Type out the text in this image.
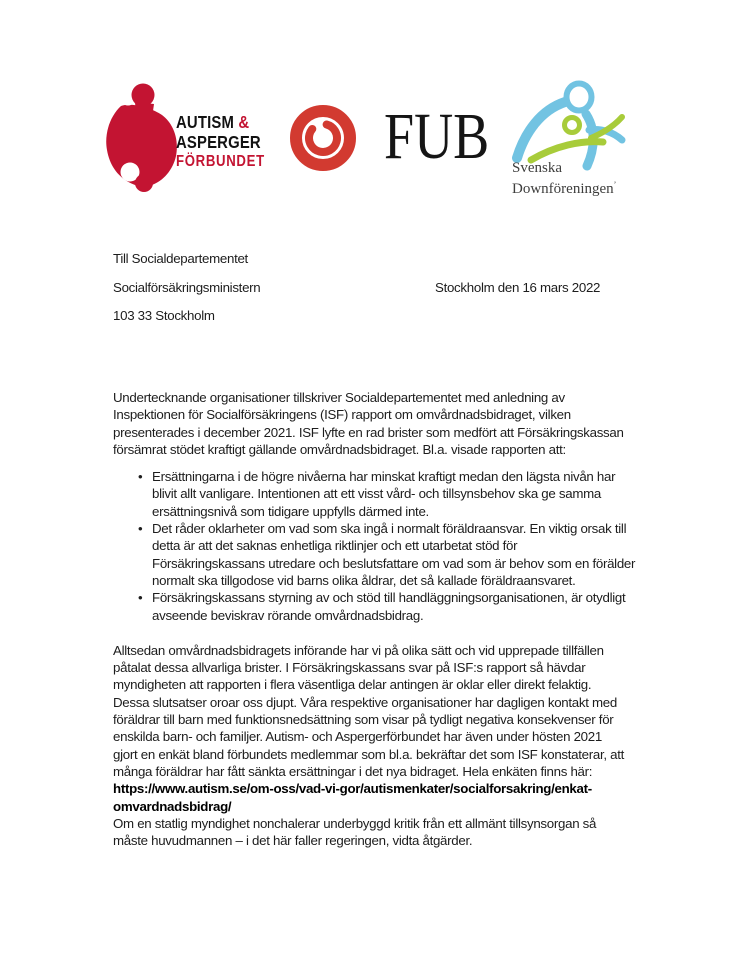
AUTISM &
ASPERGER
FÖRBUNDET FUB Svenska
Downföreningen’
Till Socialdepartementet
Socialförsäkringsministern	Stockholm den 16 mars 2022
103 33 Stockholm
Undertecknande organisationer tillskriver Socialdepartementet med anledning av
Inspektionen för Socialförsäkringens (ISF) rapport om omvårdnadsbidraget, vilken
presenterades i december 2021. ISF lyfte en rad brister som medfört att Försäkringskassan
försämrat stödet kraftigt gällande omvårdnadsbidraget. Bl.a. visade rapporten att:
• Ersättningarna i de högre nivåerna har minskat kraftigt medan den lägsta nivån har
blivit allt vanligare. Intentionen att ett visst vård- och tillsynsbehov ska ge samma
ersättningsnivå som tidigare uppfylls därmed inte.
• Det råder oklarheter om vad som ska ingå i normalt föräldraansvar. En viktig orsak till
detta är att det saknas enhetliga riktlinjer och ett utarbetat stöd för
Försäkringskassans utredare och beslutsfattare om vad som är behov som en förälder
normalt ska tillgodose vid barns olika åldrar, det så kallade föräldraansvaret.
• Försäkringskassans styrning av och stöd till handläggningsorganisationen, är otydligt
avseende beviskrav rörande omvårdnadsbidrag.
Alltsedan omvårdnadsbidragets införande har vi på olika sätt och vid upprepade tillfällen
påtalat dessa allvarliga brister. I Försäkringskassans svar på ISF:s rapport så hävdar
myndigheten att rapporten i flera väsentliga delar antingen är oklar eller direkt felaktig.
Dessa slutsatser oroar oss djupt. Våra respektive organisationer har dagligen kontakt med
föräldrar till barn med funktionsnedsättning som visar på tydligt negativa konsekvenser för
enskilda barn- och familjer. Autism- och Aspergerförbundet har även under hösten 2021
gjort en enkät bland förbundets medlemmar som bl.a. bekräftar det som ISF konstaterar, att
många föräldrar har fått sänkta ersättningar i det nya bidraget. Hela enkäten finns här:
https://www.autism.se/om-oss/vad-vi-gor/autismenkater/socialforsakring/enkat-
omvardnadsbidrag/
Om en statlig myndighet nonchalerar underbyggd kritik från ett allmänt tillsynsorgan så
måste huvudmannen – i det här faller regeringen, vidta åtgärder.
